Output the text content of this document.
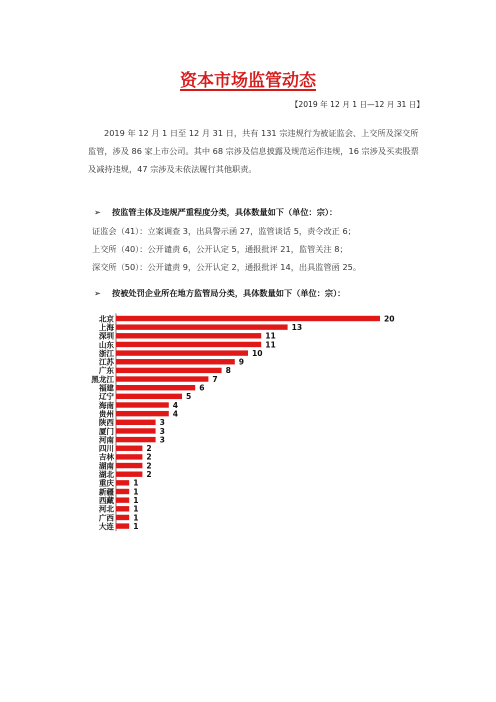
资本市场监管动态
【2019 年 12 月 1 日—12 月 31 日】
2019 年 12 月 1 日至 12 月 31 日，共有 131 宗违规行为被证监会、上交所及深交所监管，涉及 86 家上市公司。其中 68 宗涉及信息披露及规范运作违规，16 宗涉及买卖股票及减持违规，47 宗涉及未依法履行其他职责。
➢ 按监管主体及违规严重程度分类，具体数量如下（单位：宗）：
证监会（41）：立案调查 3，出具警示函 27，监管谈话 5，责令改正 6；
上交所（40）：公开谴责 6，公开认定 5，通报批评 21，监管关注 8；
深交所（50）：公开谴责 9，公开认定 2，通报批评 14，出具监管函 25。
➢ 按被处罚企业所在地方监管局分类，具体数量如下（单位：宗）：
北京	20
上海	13
深圳	11
山东	11
浙江	10
江苏	9
广东	8
黑龙江	7
福建	6
辽宁	5
海南	4
贵州	4
陕西	3
厦门	3
河南	3
四川	2
吉林	2
湖南	2
湖北	2
重庆	1
新疆	1
西藏	1
河北	1
广西	1
大连	1
